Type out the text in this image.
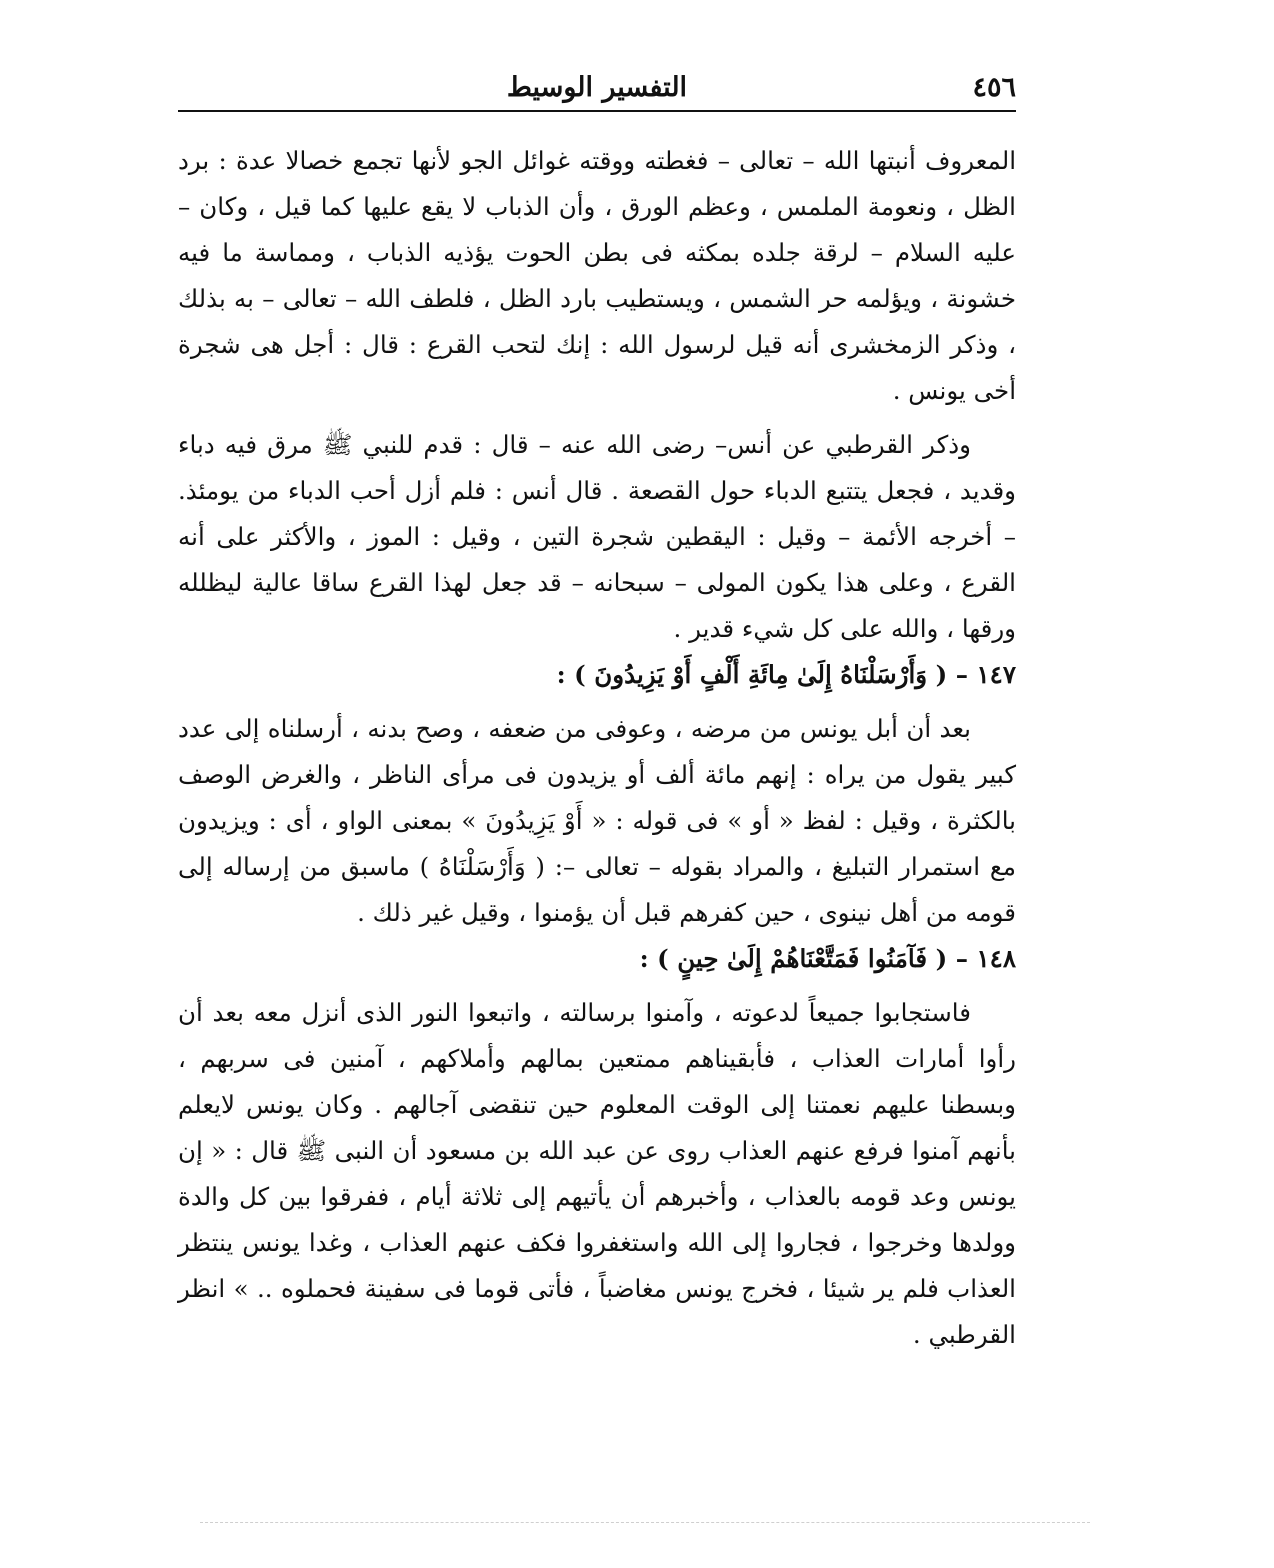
٤٥٦
التفسير الوسيط

المعروف أنبتها الله – تعالى – فغطته ووقته غوائل الجو لأنها تجمع خصالا عدة : برد الظل ، ونعومة الملمس ، وعظم الورق ، وأن الذباب لا يقع عليها كما قيل ، وكان – عليه السلام – لرقة جلده بمكثه فى بطن الحوت يؤذيه الذباب ، ومماسة ما فيه خشونة ، ويؤلمه حر الشمس ، ويستطيب بارد الظل ، فلطف الله – تعالى – به بذلك ، وذكر الزمخشرى أنه قيل لرسول الله : إنك لتحب القرع : قال : أجل هى شجرة أخى يونس .

وذكر القرطبي عن أنس– رضى الله عنه – قال : قدم للنبي ﷺ مرق فيه دباء وقديد ، فجعل يتتبع الدباء حول القصعة . قال أنس : فلم أزل أحب الدباء من يومئذ. – أخرجه الأئمة – وقيل : اليقطين شجرة التين ، وقيل : الموز ، والأكثر على أنه القرع ، وعلى هذا يكون المولى – سبحانه – قد جعل لهذا القرع ساقا عالية ليظلله ورقها ، والله على كل شيء قدير .

١٤٧ – ( وَأَرْسَلْنَاهُ إِلَىٰ مِائَةِ أَلْفٍ أَوْ يَزِيدُونَ ) :

بعد أن أبل يونس من مرضه ، وعوفى من ضعفه ، وصح بدنه ، أرسلناه إلى عدد كبير يقول من يراه : إنهم مائة ألف أو يزيدون فى مرأى الناظر ، والغرض الوصف بالكثرة ، وقيل : لفظ « أو » فى قوله : « أَوْ يَزِيدُونَ » بمعنى الواو ، أى : ويزيدون مع استمرار التبليغ ، والمراد بقوله – تعالى –: ( وَأَرْسَلْنَاهُ ) ماسبق من إرساله إلى قومه من أهل نينوى ، حين كفرهم قبل أن يؤمنوا ، وقيل غير ذلك .

١٤٨ – ( فَآمَنُوا فَمَتَّعْنَاهُمْ إِلَىٰ حِينٍ ) :

فاستجابوا جميعاً لدعوته ، وآمنوا برسالته ، واتبعوا النور الذى أنزل معه بعد أن رأوا أمارات العذاب ، فأبقيناهم ممتعين بمالهم وأملاكهم ، آمنين فى سربهم ، وبسطنا عليهم نعمتنا إلى الوقت المعلوم حين تنقضى آجالهم . وكان يونس لايعلم بأنهم آمنوا فرفع عنهم العذاب روى عن عبد الله بن مسعود أن النبى ﷺ قال : « إن يونس وعد قومه بالعذاب ، وأخبرهم أن يأتيهم إلى ثلاثة أيام ، ففرقوا بين كل والدة وولدها وخرجوا ، فجاروا إلى الله واستغفروا فكف عنهم العذاب ، وغدا يونس ينتظر العذاب فلم ير شيئا ، فخرج يونس مغاضباً ، فأتى قوما فى سفينة فحملوه .. » انظر القرطبي .
